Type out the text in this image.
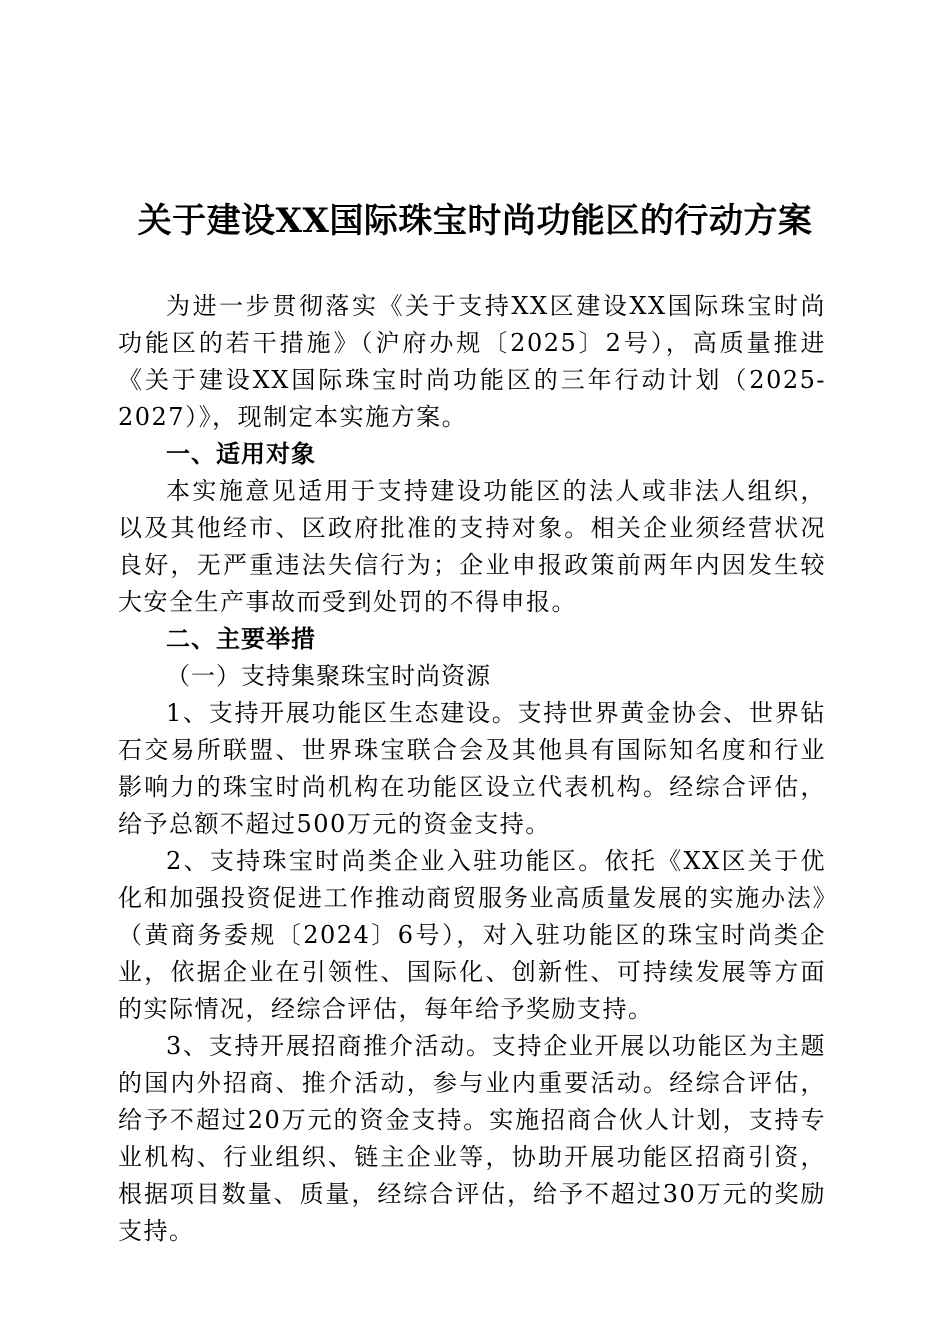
关于建设XX国际珠宝时尚功能区的行动方案

为进一步贯彻落实《关于支持XX区建设XX国际珠宝时尚功能区的若干措施》（沪府办规〔2025〕2号），高质量推进《关于建设XX国际珠宝时尚功能区的三年行动计划（2025-2027）》，现制定本实施方案。

一、适用对象

本实施意见适用于支持建设功能区的法人或非法人组织，以及其他经市、区政府批准的支持对象。相关企业须经营状况良好，无严重违法失信行为；企业申报政策前两年内因发生较大安全生产事故而受到处罚的不得申报。

二、主要举措

（一）支持集聚珠宝时尚资源

1、支持开展功能区生态建设。支持世界黄金协会、世界钻石交易所联盟、世界珠宝联合会及其他具有国际知名度和行业影响力的珠宝时尚机构在功能区设立代表机构。经综合评估，给予总额不超过500万元的资金支持。

2、支持珠宝时尚类企业入驻功能区。依托《XX区关于优化和加强投资促进工作推动商贸服务业高质量发展的实施办法》（黄商务委规〔2024〕6号），对入驻功能区的珠宝时尚类企业，依据企业在引领性、国际化、创新性、可持续发展等方面的实际情况，经综合评估，每年给予奖励支持。

3、支持开展招商推介活动。支持企业开展以功能区为主题的国内外招商、推介活动，参与业内重要活动。经综合评估，给予不超过20万元的资金支持。实施招商合伙人计划，支持专业机构、行业组织、链主企业等，协助开展功能区招商引资，根据项目数量、质量，经综合评估，给予不超过30万元的奖励支持。
